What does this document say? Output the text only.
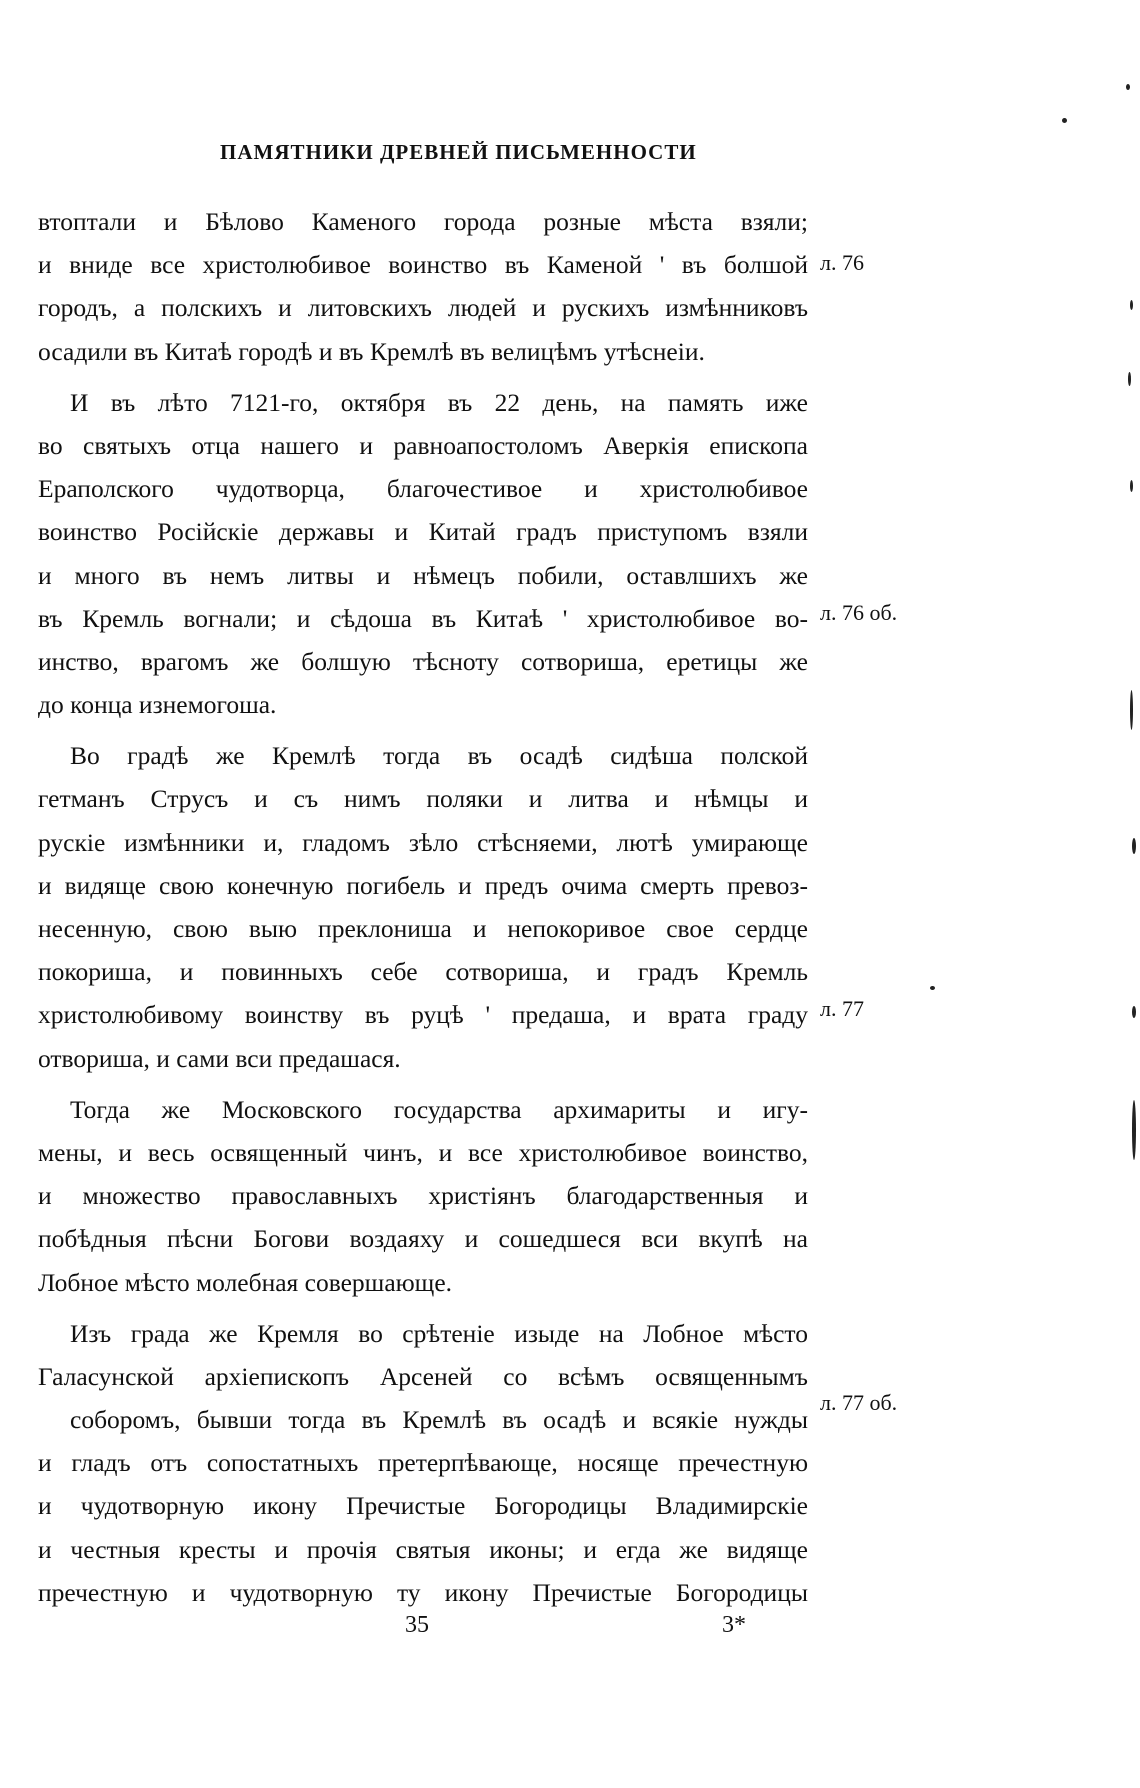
ПАМЯТНИКИ ДРЕВНЕЙ ПИСЬМЕННОСТИ
втоптали и Бѣлово Каменого города розные мѣста взяли;
и вниде все христолюбивое воинство въ Каменой ' въ болшой
городъ, а полскихъ и литовскихъ людей и рускихъ измѣнниковъ
осадили въ Китаѣ городѣ и въ Кремлѣ въ велицѣмъ утѣснеіи.
И въ лѣто 7121-го, октября въ 22 день, на память иже
во святыхъ отца нашего и равноапостоломъ Аверкія епископа
Ераполского чудотворца, благочестивое и христолюбивое
воинство Російскіе державы и Китай градъ приступомъ взяли
и много въ немъ литвы и нѣмецъ побили, оставлшихъ же
въ Кремль вогнали; и сѣдоша въ Китаѣ ' христолюбивое во-
инство, врагомъ же болшую тѣсноту сотвориша, еретицы же
до конца изнемогоша.
Во градѣ же Кремлѣ тогда въ осадѣ сидѣша полской
гетманъ Струсъ и съ нимъ поляки и литва и нѣмцы и
рускіе измѣнники и, гладомъ зѣло стѣсняеми, лютѣ умирающе
и видяще свою конечную погибель и предъ очима смерть превоз-
несенную, свою выю преклониша и непокоривое свое сердце
покориша, и повинныхъ себе сотвориша, и градъ Кремль
христолюбивому воинству въ руцѣ ' предаша, и врата граду
отвориша, и сами вси предашася.
Тогда же Московского государства архимариты и игу-
мены, и весь освященный чинъ, и все христолюбивое воинство,
и множество православныхъ христіянъ благодарственныя и
побѣдныя пѣсни Богови воздаяху и сошедшеся вси вкупѣ на
Лобное мѣсто молебная совершающе.
Изъ града же Кремля во срѣтеніе изыде на Лобное мѣсто
Галасунской архіепископъ Арсеней со всѣмъ освященнымъ
соборомъ, бывши тогда въ Кремлѣ въ осадѣ и всякіе нужды
и гладъ отъ сопостатныхъ претерпѣвающе, носяще пречестную
и чудотворную икону Пречистые Богородицы Владимирскіе
и честныя кресты и прочія святыя иконы; и егда же видяще
пречестную и чудотворную ту икону Пречистые Богородицы
л. 76
л. 76 об.
л. 77
л. 77 об.
35	3*
